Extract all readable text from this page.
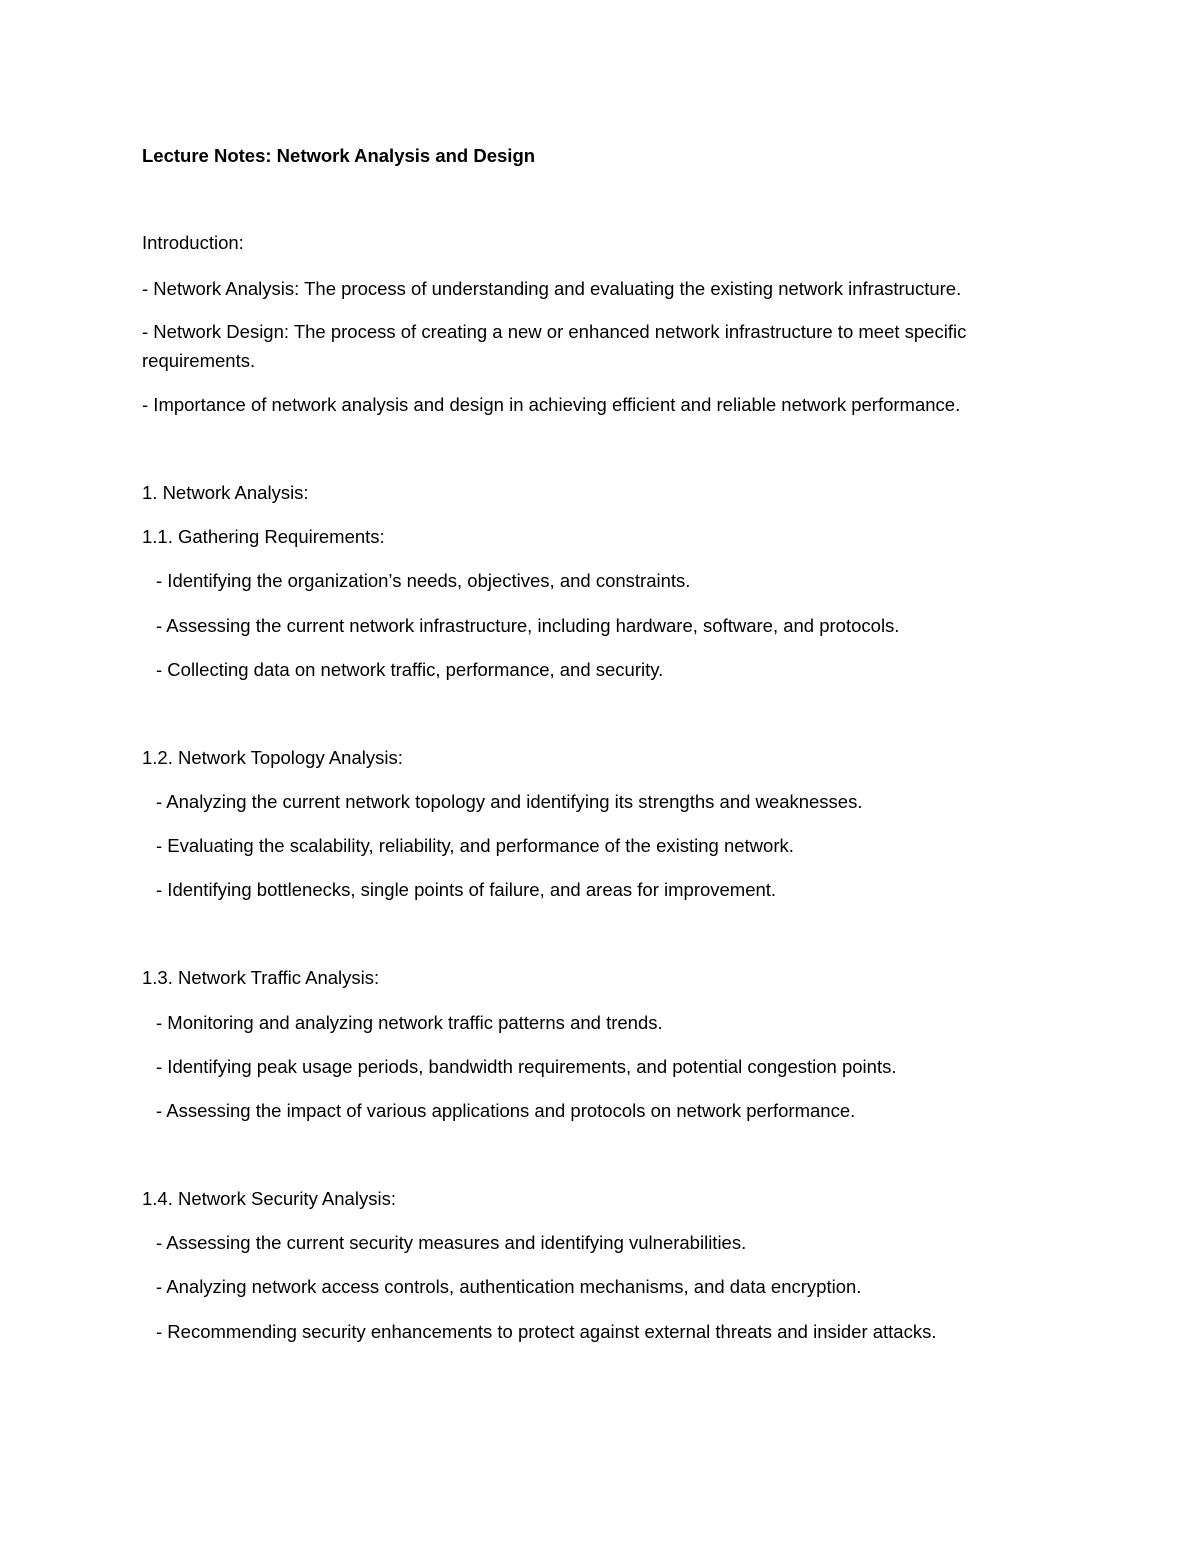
Lecture Notes: Network Analysis and Design
Introduction:
- Network Analysis: The process of understanding and evaluating the existing network infrastructure.
- Network Design: The process of creating a new or enhanced network infrastructure to meet specific
requirements.
- Importance of network analysis and design in achieving efficient and reliable network performance.
1. Network Analysis:
1.1. Gathering Requirements:
- Identifying the organization’s needs, objectives, and constraints.
- Assessing the current network infrastructure, including hardware, software, and protocols.
- Collecting data on network traffic, performance, and security.
1.2. Network Topology Analysis:
- Analyzing the current network topology and identifying its strengths and weaknesses.
- Evaluating the scalability, reliability, and performance of the existing network.
- Identifying bottlenecks, single points of failure, and areas for improvement.
1.3. Network Traffic Analysis:
- Monitoring and analyzing network traffic patterns and trends.
- Identifying peak usage periods, bandwidth requirements, and potential congestion points.
- Assessing the impact of various applications and protocols on network performance.
1.4. Network Security Analysis:
- Assessing the current security measures and identifying vulnerabilities.
- Analyzing network access controls, authentication mechanisms, and data encryption.
- Recommending security enhancements to protect against external threats and insider attacks.
